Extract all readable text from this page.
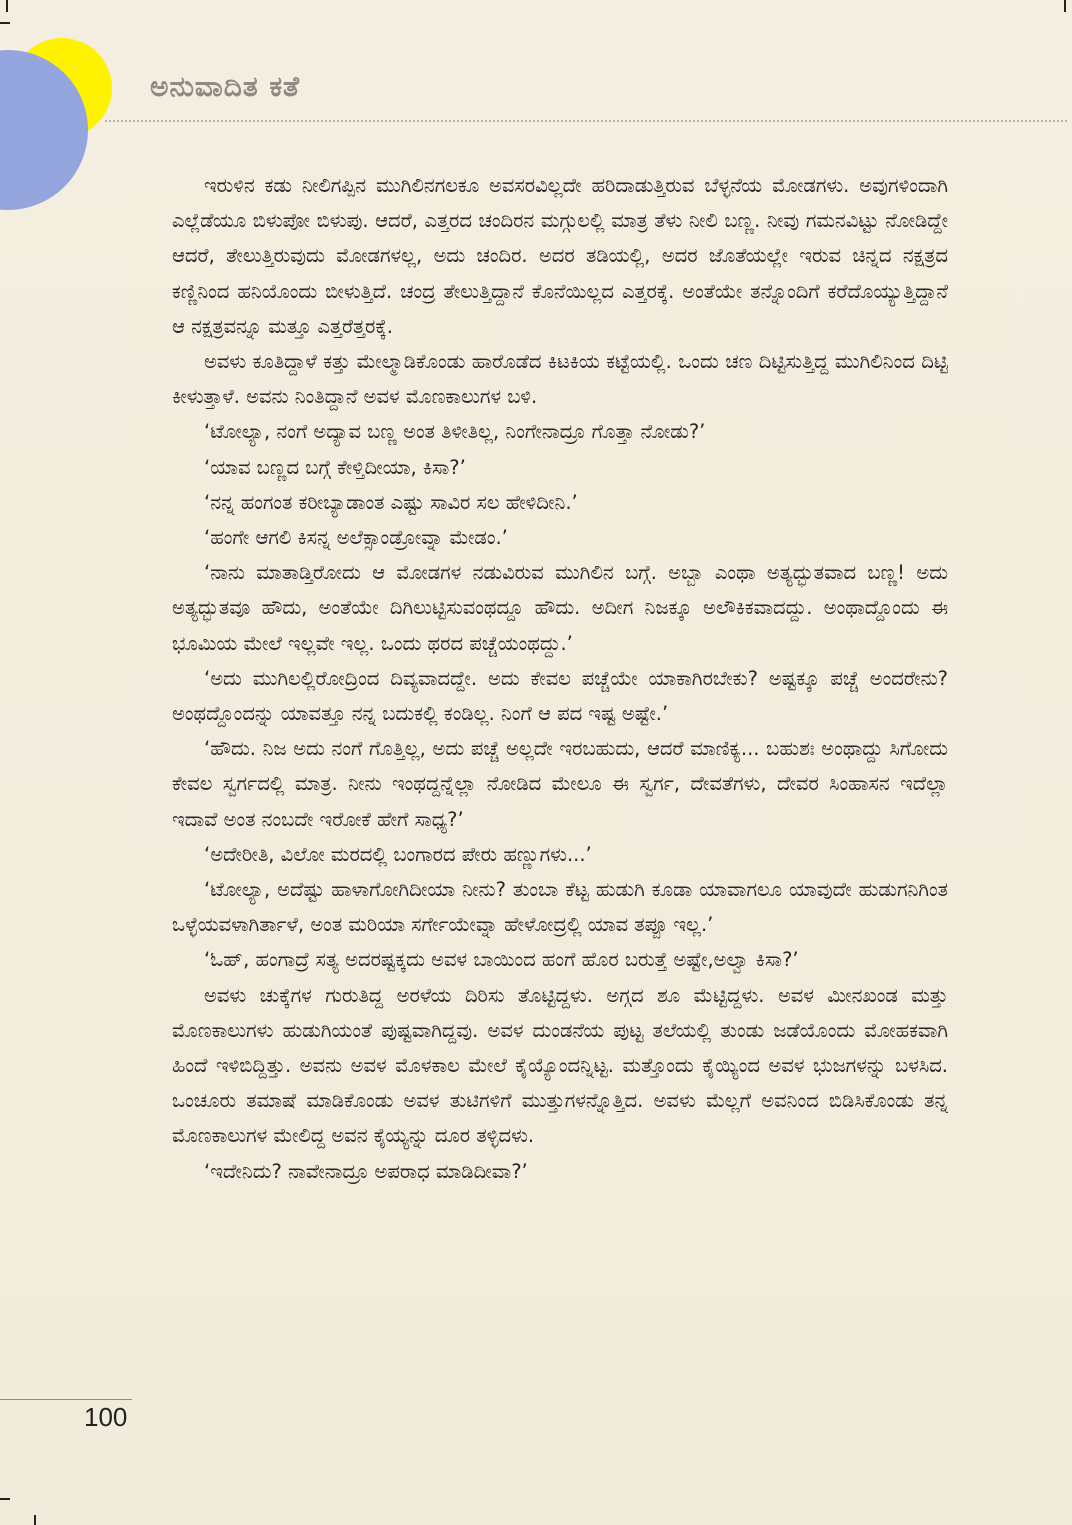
ಅನುವಾದಿತ ಕತೆ

ಇರುಳಿನ ಕಡು ನೀಲಿಗಪ್ಪಿನ ಮುಗಿಲಿನಗಲಕೂ ಅವಸರವಿಲ್ಲದೇ ಹರಿದಾಡುತ್ತಿರುವ ಬೆಳ್ಳನೆಯ ಮೋಡಗಳು. ಅವುಗಳಿಂದಾಗಿ ಎಲ್ಲೆಡೆಯೂ ಬಿಳುಪೋ ಬಿಳುಪು. ಆದರೆ, ಎತ್ತರದ ಚಂದಿರನ ಮಗ್ಗುಲಲ್ಲಿ ಮಾತ್ರ ತೆಳು ನೀಲಿ ಬಣ್ಣ. ನೀವು ಗಮನವಿಟ್ಟು ನೋಡಿದ್ದೇ ಆದರೆ, ತೇಲುತ್ತಿರುವುದು ಮೋಡಗಳಲ್ಲ, ಅದು ಚಂದಿರ. ಅದರ ತಡಿಯಲ್ಲಿ, ಅದರ ಜೊತೆಯಲ್ಲೇ ಇರುವ ಚಿನ್ನದ ನಕ್ಷತ್ರದ ಕಣ್ಣಿನಿಂದ ಹನಿಯೊಂದು ಬೀಳುತ್ತಿದೆ. ಚಂದ್ರ ತೇಲುತ್ತಿದ್ದಾನೆ ಕೊನೆಯಿಲ್ಲದ ಎತ್ತರಕ್ಕೆ. ಅಂತೆಯೇ ತನ್ನೊಂದಿಗೆ ಕರೆದೊಯ್ಯುತ್ತಿದ್ದಾನೆ ಆ ನಕ್ಷತ್ರವನ್ನೂ ಮತ್ತೂ ಎತ್ತರೆತ್ತರಕ್ಕೆ.

ಅವಳು ಕೂತಿದ್ದಾಳೆ ಕತ್ತು ಮೇಲ್ಮಾಡಿಕೊಂಡು ಹಾರೊಡೆದ ಕಿಟಕಿಯ ಕಟ್ಟೆಯಲ್ಲಿ. ಒಂದು ಚಣ ದಿಟ್ಟಿಸುತ್ತಿದ್ದ ಮುಗಿಲಿನಿಂದ ದಿಟ್ಟಿ ಕೀಳುತ್ತಾಳೆ. ಅವನು ನಿಂತಿದ್ದಾನೆ ಅವಳ ಮೊಣಕಾಲುಗಳ ಬಳಿ.

‘ಟೋಲ್ಯಾ, ನಂಗೆ ಅದ್ಯಾವ ಬಣ್ಣ ಅಂತ ತಿಳೀತಿಲ್ಲ, ನಿಂಗೇನಾದ್ರೂ ಗೊತ್ತಾ ನೋಡು?’

‘ಯಾವ ಬಣ್ಣದ ಬಗ್ಗೆ ಕೇಳ್ತಿದೀಯಾ, ಕಿಸಾ?’

‘ನನ್ನ ಹಂಗಂತ ಕರೀಬ್ಯಾಡಾಂತ ಎಷ್ಟು ಸಾವಿರ ಸಲ ಹೇಳಿದೀನಿ.’

‘ಹಂಗೇ ಆಗಲಿ ಕಿಸನ್ನ ಅಲೆಕ್ಸಾಂಡ್ರೋವ್ನಾ ಮೇಡಂ.’

‘ನಾನು ಮಾತಾಡ್ತಿರೋದು ಆ ಮೋಡಗಳ ನಡುವಿರುವ ಮುಗಿಲಿನ ಬಗ್ಗೆ. ಅಬ್ಬಾ ಎಂಥಾ ಅತ್ಯದ್ಭುತವಾದ ಬಣ್ಣ! ಅದು ಅತ್ಯದ್ಭುತವೂ ಹೌದು, ಅಂತೆಯೇ ದಿಗಿಲುಟ್ಟಿಸುವಂಥದ್ದೂ ಹೌದು. ಅದೀಗ ನಿಜಕ್ಕೂ ಅಲೌಕಿಕವಾದದ್ದು. ಅಂಥಾದ್ದೊಂದು ಈ ಭೂಮಿಯ ಮೇಲೆ ಇಲ್ಲವೇ ಇಲ್ಲ. ಒಂದು ಥರದ ಪಚ್ಚೆಯಂಥದ್ದು.’

‘ಅದು ಮುಗಿಲಲ್ಲಿರೋದ್ರಿಂದ ದಿವ್ಯವಾದದ್ದೇ. ಅದು ಕೇವಲ ಪಚ್ಚೆಯೇ ಯಾಕಾಗಿರಬೇಕು? ಅಷ್ಟಕ್ಕೂ ಪಚ್ಚೆ ಅಂದರೇನು? ಅಂಥದ್ದೊಂದನ್ನು ಯಾವತ್ತೂ ನನ್ನ ಬದುಕಲ್ಲಿ ಕಂಡಿಲ್ಲ. ನಿಂಗೆ ಆ ಪದ ಇಷ್ಟ ಅಷ್ಟೇ.’

‘ಹೌದು. ನಿಜ ಅದು ನಂಗೆ ಗೊತ್ತಿಲ್ಲ, ಅದು ಪಚ್ಚೆ ಅಲ್ಲದೇ ಇರಬಹುದು, ಆದರೆ ಮಾಣಿಕ್ಯ... ಬಹುಶಃ ಅಂಥಾದ್ದು ಸಿಗೋದು ಕೇವಲ ಸ್ವರ್ಗದಲ್ಲಿ ಮಾತ್ರ. ನೀನು ಇಂಥದ್ದನ್ನೆಲ್ಲಾ ನೋಡಿದ ಮೇಲೂ ಈ ಸ್ವರ್ಗ, ದೇವತೆಗಳು, ದೇವರ ಸಿಂಹಾಸನ ಇದೆಲ್ಲಾ ಇದಾವೆ ಅಂತ ನಂಬದೇ ಇರೋಕೆ ಹೇಗೆ ಸಾಧ್ಯ?’

‘ಅದೇರೀತಿ, ವಿಲೋ ಮರದಲ್ಲಿ ಬಂಗಾರದ ಪೇರು ಹಣ್ಣುಗಳು...’

‘ಟೋಲ್ಯಾ, ಅದೆಷ್ಟು ಹಾಳಾಗೋಗಿದೀಯಾ ನೀನು? ತುಂಬಾ ಕೆಟ್ಟ ಹುಡುಗಿ ಕೂಡಾ ಯಾವಾಗಲೂ ಯಾವುದೇ ಹುಡುಗನಿಗಿಂತ ಒಳ್ಳೆಯವಳಾಗಿರ್ತಾಳೆ, ಅಂತ ಮರಿಯಾ ಸರ್ಗೇಯೇವ್ನಾ ಹೇಳೋದ್ರಲ್ಲಿ ಯಾವ ತಪ್ಪೂ ಇಲ್ಲ.’

‘ಓಹ್, ಹಂಗಾದ್ರೆ ಸತ್ಯ ಅದರಷ್ಟಕ್ಕದು ಅವಳ ಬಾಯಿಂದ ಹಂಗೆ ಹೊರ ಬರುತ್ತೆ ಅಷ್ಟೇ,ಅಲ್ವಾ ಕಿಸಾ?’

ಅವಳು ಚುಕ್ಕೆಗಳ ಗುರುತಿದ್ದ ಅರಳೆಯ ದಿರಿಸು ತೊಟ್ಟಿದ್ದಳು. ಅಗ್ಗದ ಶೂ ಮೆಟ್ಟಿದ್ದಳು. ಅವಳ ಮೀನಖಂಡ ಮತ್ತು ಮೊಣಕಾಲುಗಳು ಹುಡುಗಿಯಂತೆ ಪುಷ್ಟವಾಗಿದ್ದವು. ಅವಳ ದುಂಡನೆಯ ಪುಟ್ಟ ತಲೆಯಲ್ಲಿ ತುಂಡು ಜಡೆಯೊಂದು ಮೋಹಕವಾಗಿ ಹಿಂದೆ ಇಳಿಬಿದ್ದಿತ್ತು. ಅವನು ಅವಳ ಮೊಳಕಾಲ ಮೇಲೆ ಕೈಯ್ಯೊಂದನ್ನಿಟ್ಟ. ಮತ್ತೊಂದು ಕೈಯ್ಯಿಂದ ಅವಳ ಭುಜಗಳನ್ನು ಬಳಸಿದ. ಒಂಚೂರು ತಮಾಷೆ ಮಾಡಿಕೊಂಡು ಅವಳ ತುಟಿಗಳಿಗೆ ಮುತ್ತುಗಳನ್ನೊತ್ತಿದ. ಅವಳು ಮೆಲ್ಲಗೆ ಅವನಿಂದ ಬಿಡಿಸಿಕೊಂಡು ತನ್ನ ಮೊಣಕಾಲುಗಳ ಮೇಲಿದ್ದ ಅವನ ಕೈಯ್ಯನ್ನು ದೂರ ತಳ್ಳಿದಳು.

‘ಇದೇನಿದು? ನಾವೇನಾದ್ರೂ ಅಪರಾಧ ಮಾಡಿದೀವಾ?’

100
